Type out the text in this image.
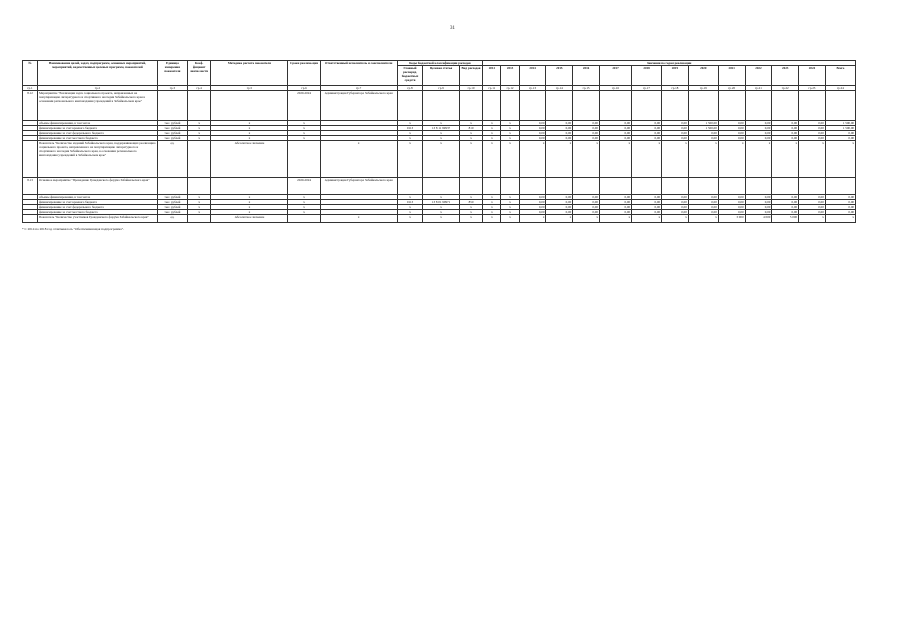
31
№	Наименование целей, задач, подпрограмм, основных мероприятий, мероприятий, ведомственных целевых программ, показателей	Единица измерения показателя	Коэф-фициент значи-мости	Методика расчета показателя	Сроки реализа-ции	Ответственный исполнитель и соисполнители	Коды бюджетной классификации расходов			Значения по годам реализации													
							Главный распоряд. бюджетных средств	Целевая статья	Вид расходов	2012	2013	2014	2015	2016	2017	2018	2019	2020	2021	2022	2023	2024	Всего
гр.1	гр.2	гр.3	гр.4	гр.5	гр.6	гр.7	гр.8	гр.9	гр.10	гр.11	гр.12	гр.13	гр.14	гр.15	гр.16	гр.17	гр.18	гр.19	гр.20	гр.21	гр.22	гр.23	гр.24
8.12	Мероприятие "Реализация задач социального проекта, направленных на популяризацию литературного и спортивного наследия Забайкальского края в основании регионального книгоиздания учреждений в Забайкальском крае"				2020-2024	Администрация Губернатора Забайкальского края																	
	объемы финансирования, в том числе	тыс. рублей	х	х	х		х	х	х	х	х	0,00	0,00	0,00	0,00	0,00	0,00	1 500,00	0,00	0,00	0,00	0,00	1 500,00
	финансирование за счет краевого бюджета	тыс. рублей	х	х	х		0113	13 8 11 99937	810	х	х	0,00	0,00	0,00	0,00	0,00	0,00	1 500,00	0,00	0,00	0,00	0,00	1 500,00
	финансирование за счет федерального бюджета	тыс. рублей	х	х	х		х	х	х	х	х	0,00	0,00	0,00	0,00	0,00	0,00	0,00	0,00	0,00	0,00	0,00	0,00
	финансирование за счет местного бюджета	тыс. рублей	х	х	х		х	х	х	х	х	0,00	0,00	0,00	0,00	0,00	0,00	0,00	0,00	0,00	0,00	0,00	0,00
	Показатель "Количество изданий Забайкальского края, поддерживающих реализацию социального проекта, направленного на популяризацию литературного и спортивного наследия Забайкальского края, в основании регионального книгоиздания учреждений в Забайкальском крае"	ед.		Абсолютное значение		х	х	х	х	х	х	х	х	х	х	х	х	х	х	х	х	х	х
8.13	Основное мероприятие "Проведение Гражданского форума Забайкальского края"				2020-2024	Администрация Губернатора Забайкальского края																	
	объемы финансирования, в том числе	тыс. рублей	х	х	х		х	х	х	х	х	0,00	0,00	0,00	0,00	0,00	0,00	0,00	0,00	0,00	0,00	0,00	0,00
	финансирование за счет краевого бюджета	тыс. рублей	х	х	х		0113	13 8 01 99971	850	х	х	0,00	0,00	0,00	0,00	0,00	0,00	0,00	0,00	0,00	0,00	0,00	0,00
	финансирование за счет федерального бюджета	тыс. рублей	х	х	х		х	х	х	х	х	0,00	0,00	0,00	0,00	0,00	0,00	0,00	0,00	0,00	0,00	0,00	0,00
	финансирование за счет местного бюджета	тыс. рублей	х	х	х		х	х	х	х	х	0,00	0,00	0,00	0,00	0,00	0,00	0,00	0,00	0,00	0,00	0,00	0,00
	Показатель "Количество участников Гражданского форума Забайкальского края"	ед.		Абсолютное значение		х	х	х	х	х	х	х	х	х	х	х	х	х	3 000	4 000	5 000	х	х
* С 2014 по 2018 год отчитывалось "Обеспечивающая подпрограмма".
